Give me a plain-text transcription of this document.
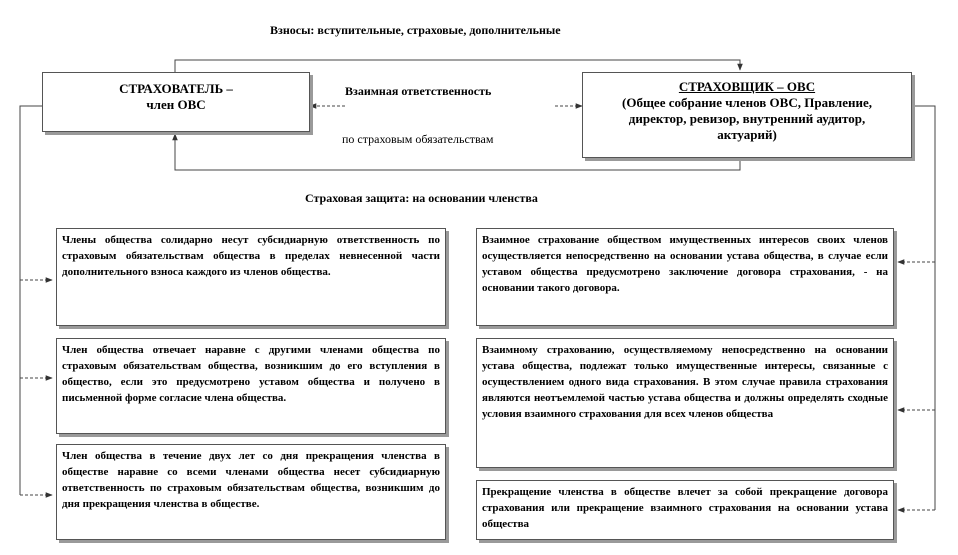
Взносы: вступительные, страховые, дополнительные
СТРАХОВАТЕЛЬ –
член ОВС
Взаимная ответственность
по страховым обязательствам
СТРАХОВЩИК – ОВС
(Общее собрание членов ОВС, Правление,
директор, ревизор, внутренний аудитор,
актуарий)
Страховая защита: на основании членства

Члены общества солидарно несут субсидиарную ответственность по страховым обязательствам общества в пределах невнесенной части дополнительного взноса каждого из членов общества.

Член общества отвечает наравне с другими членами общества по страховым обязательствам общества, возникшим до его вступления в общество, если это предусмотрено уставом общества и получено в письменной форме согласие члена общества.

Член общества в течение двух лет со дня прекращения членства в обществе наравне со всеми членами общества несет субсидиарную ответственность по страховым обязательствам общества, возникшим до дня прекращения членства в обществе.

Взаимное страхование обществом имущественных интересов своих членов осуществляется непосредственно на основании устава общества, в случае если уставом общества предусмотрено заключение договора страхования, - на основании такого договора.

Взаимному страхованию, осуществляемому непосредственно на основании устава общества, подлежат только имущественные интересы, связанные с осуществлением одного вида страхования. В этом случае правила страхования являются неотъемлемой частью устава общества и должны определять сходные условия взаимного страхования для всех членов общества

Прекращение членства в обществе влечет за собой прекращение договора страхования или прекращение взаимного страхования на основании устава общества
